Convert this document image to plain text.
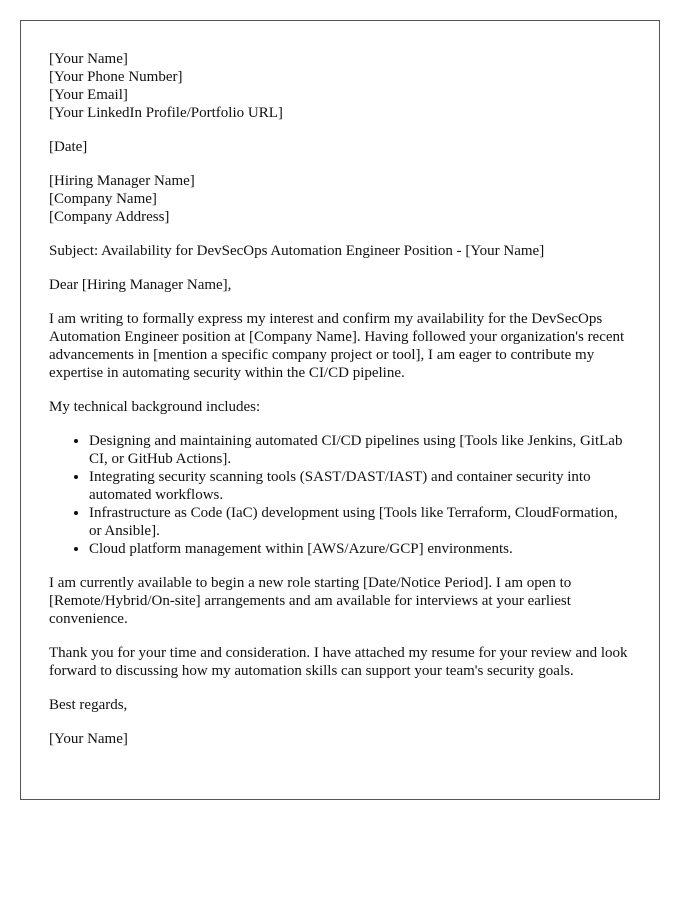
[Your Name]
[Your Phone Number]
[Your Email]
[Your LinkedIn Profile/Portfolio URL]

[Date]

[Hiring Manager Name]
[Company Name]
[Company Address]

Subject: Availability for DevSecOps Automation Engineer Position - [Your Name]

Dear [Hiring Manager Name],

I am writing to formally express my interest and confirm my availability for the DevSecOps Automation Engineer position at [Company Name]. Having followed your organization's recent advancements in [mention a specific company project or tool], I am eager to contribute my expertise in automating security within the CI/CD pipeline.

My technical background includes:

• Designing and maintaining automated CI/CD pipelines using [Tools like Jenkins, GitLab CI, or GitHub Actions].
• Integrating security scanning tools (SAST/DAST/IAST) and container security into automated workflows.
• Infrastructure as Code (IaC) development using [Tools like Terraform, CloudFormation, or Ansible].
• Cloud platform management within [AWS/Azure/GCP] environments.

I am currently available to begin a new role starting [Date/Notice Period]. I am open to [Remote/Hybrid/On-site] arrangements and am available for interviews at your earliest convenience.

Thank you for your time and consideration. I have attached my resume for your review and look forward to discussing how my automation skills can support your team's security goals.

Best regards,

[Your Name]
